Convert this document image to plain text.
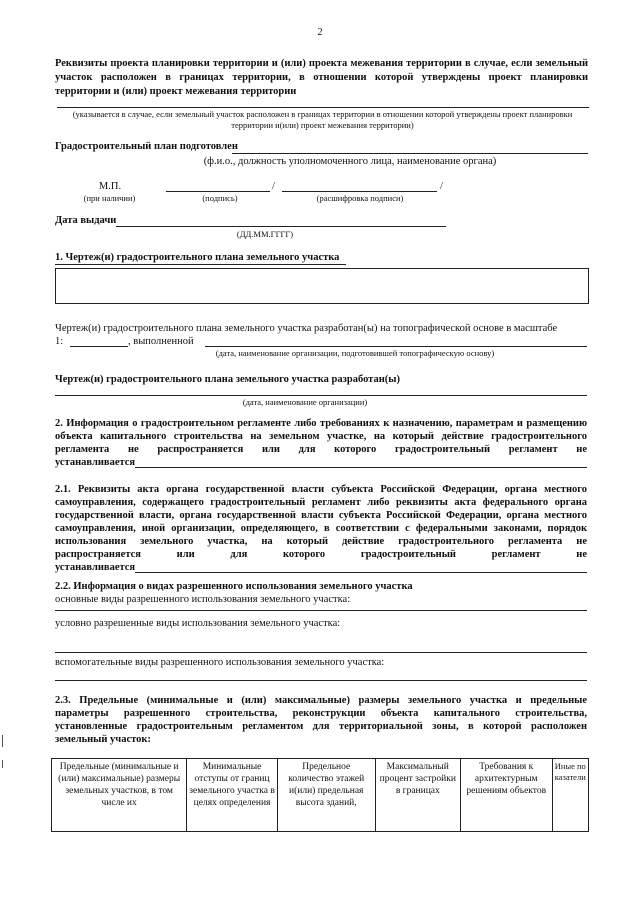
2
Реквизиты проекта планировки территории и (или) проекта межевания территории в случае, если земельный участок расположен в границах территории, в отношении которой утверждены проект планировки территории и (или) проект межевания территории
(указывается в случае, если земельный участок расположен в границах территории в отношении которой утверждены проект планировки территории и(или) проект межевания территории)
Градостроительный план подготовлен
(ф.и.о., должность уполномоченного лица, наименование органа)
М.П.
(при наличии)
/	/
(подпись)	(расшифровка подписи)
Дата выдачи
(ДД.ММ.ГГГГ)
1. Чертеж(и) градостроительного плана земельного участка
Чертеж(и) градостроительного плана земельного участка разработан(ы) на топографической основе в масштабе
1:	, выполненной
(дата, наименование организации, подготовившей топографическую основу)
Чертеж(и) градостроительного плана земельного участка разработан(ы)
(дата, наименование организации)
2. Информация о градостроительном регламенте либо требованиях к назначению, параметрам и размещению
объекта капитального строительства на земельном участке, на который действие градостроительного
регламента не распространяется или для которого градостроительный регламент не
устанавливается
2.1. Реквизиты акта органа государственной власти субъекта Российской Федерации, органа местного
самоуправления, содержащего градостроительный регламент либо реквизиты акта федерального органа
государственной власти, органа государственной власти субъекта Российской Федерации, органа местного
самоуправления, иной организации, определяющего, в соответствии с федеральными законами, порядок
использования земельного участка, на который действие градостроительного регламента не
распространяется или для которого градостроительный регламент не
устанавливается
2.2. Информация о видах разрешенного использования земельного участка
основные виды разрешенного использования земельного участка:
условно разрешенные виды использования земельного участка:
вспомогательные виды разрешенного использования земельного участка:
2.3. Предельные (минимальные и (или) максимальные) размеры земельного участка и предельные
параметры разрешенного строительства, реконструкции объекта капитального строительства,
установленные градостроительным регламентом для территориальной зоны, в которой расположен
земельный участок:
Предельные (минимальные и (или) максимальные) размеры земельных участков, в том числе их	Минимальные отступы от границ земельного участка в целях определения	Предельное количество этажей и(или) предельная высота зданий,	Максимальный процент застройки в границах	Требования к архитектурным решениям объектов	Иные показатели
